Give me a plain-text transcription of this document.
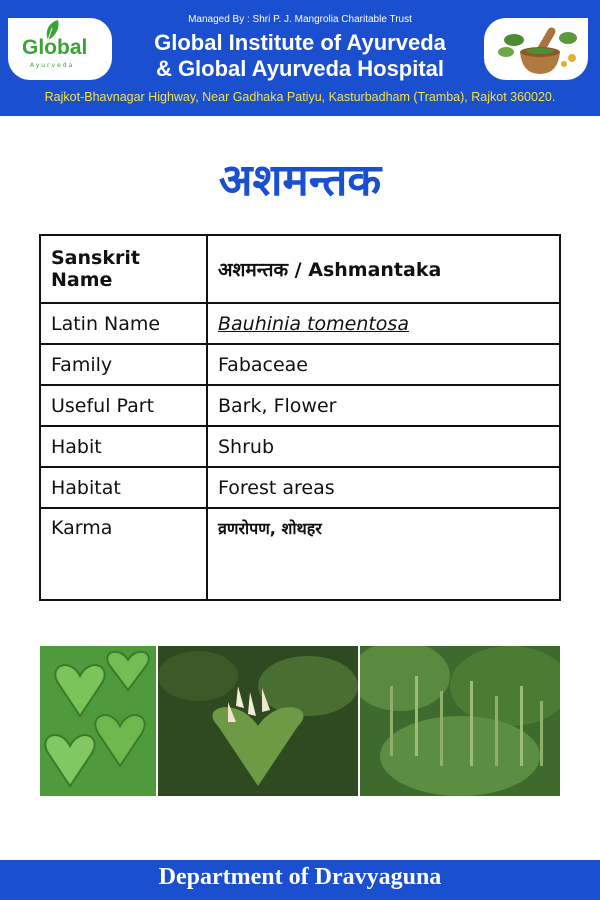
Global
Ayurveda
Managed By : Shri P. J. Mangrolia Charitable Trust
Global Institute of Ayurveda
& Global Ayurveda Hospital
Rajkot-Bhavnagar Highway, Near Gadhaka Patiyu, Kasturbadham (Tramba), Rajkot 360020.
अशमन्तक
Sanskrit Name	अशमन्तक / Ashmantaka
Latin Name	Bauhinia tomentosa
Family	Fabaceae
Useful Part	Bark, Flower
Habit	Shrub
Habitat	Forest areas
Karma	व्रणरोपण, शोथहर
Department of Dravyaguna
